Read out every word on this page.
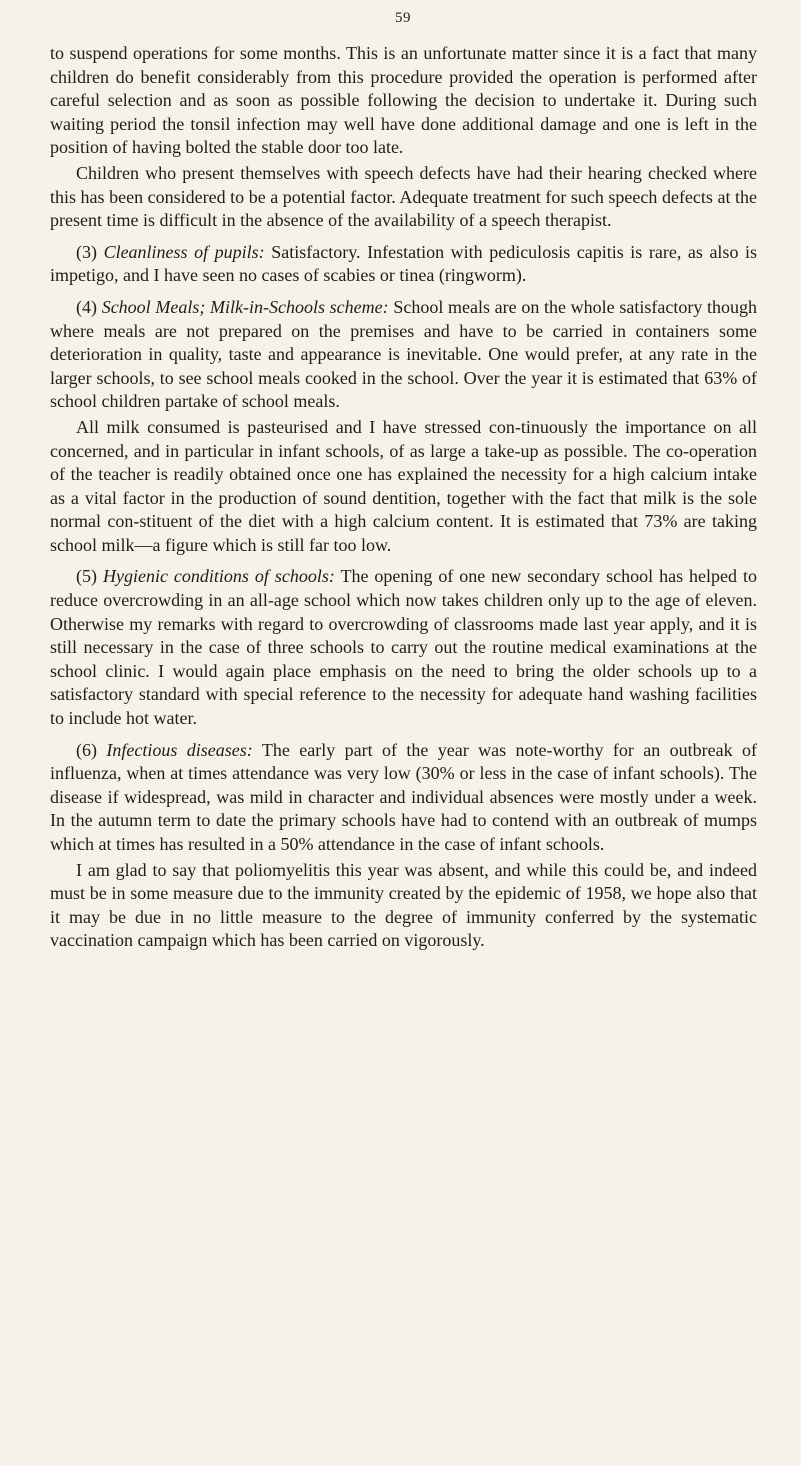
59

to suspend operations for some months. This is an unfortunate matter since it is a fact that many children do benefit considerably from this procedure provided the operation is performed after careful selection and as soon as possible following the decision to undertake it. During such waiting period the tonsil infection may well have done additional damage and one is left in the position of having bolted the stable door too late.

Children who present themselves with speech defects have had their hearing checked where this has been considered to be a potential factor. Adequate treatment for such speech defects at the present time is difficult in the absence of the availability of a speech therapist.

(3) Cleanliness of pupils: Satisfactory. Infestation with pediculosis capitis is rare, as also is impetigo, and I have seen no cases of scabies or tinea (ringworm).

(4) School Meals; Milk-in-Schools scheme: School meals are on the whole satisfactory though where meals are not prepared on the premises and have to be carried in containers some deterioration in quality, taste and appearance is inevitable. One would prefer, at any rate in the larger schools, to see school meals cooked in the school. Over the year it is estimated that 63% of school children partake of school meals.

All milk consumed is pasteurised and I have stressed con-tinuously the importance on all concerned, and in particular in infant schools, of as large a take-up as possible. The co-operation of the teacher is readily obtained once one has explained the necessity for a high calcium intake as a vital factor in the production of sound dentition, together with the fact that milk is the sole normal con-stituent of the diet with a high calcium content. It is estimated that 73% are taking school milk—a figure which is still far too low.

(5) Hygienic conditions of schools: The opening of one new secondary school has helped to reduce overcrowding in an all-age school which now takes children only up to the age of eleven. Otherwise my remarks with regard to overcrowding of classrooms made last year apply, and it is still necessary in the case of three schools to carry out the routine medical examinations at the school clinic. I would again place emphasis on the need to bring the older schools up to a satisfactory standard with special reference to the necessity for adequate hand washing facilities to include hot water.

(6) Infectious diseases: The early part of the year was note-worthy for an outbreak of influenza, when at times attendance was very low (30% or less in the case of infant schools). The disease if widespread, was mild in character and individual absences were mostly under a week. In the autumn term to date the primary schools have had to contend with an outbreak of mumps which at times has resulted in a 50% attendance in the case of infant schools.

I am glad to say that poliomyelitis this year was absent, and while this could be, and indeed must be in some measure due to the immunity created by the epidemic of 1958, we hope also that it may be due in no little measure to the degree of immunity conferred by the systematic vaccination campaign which has been carried on vigorously.
